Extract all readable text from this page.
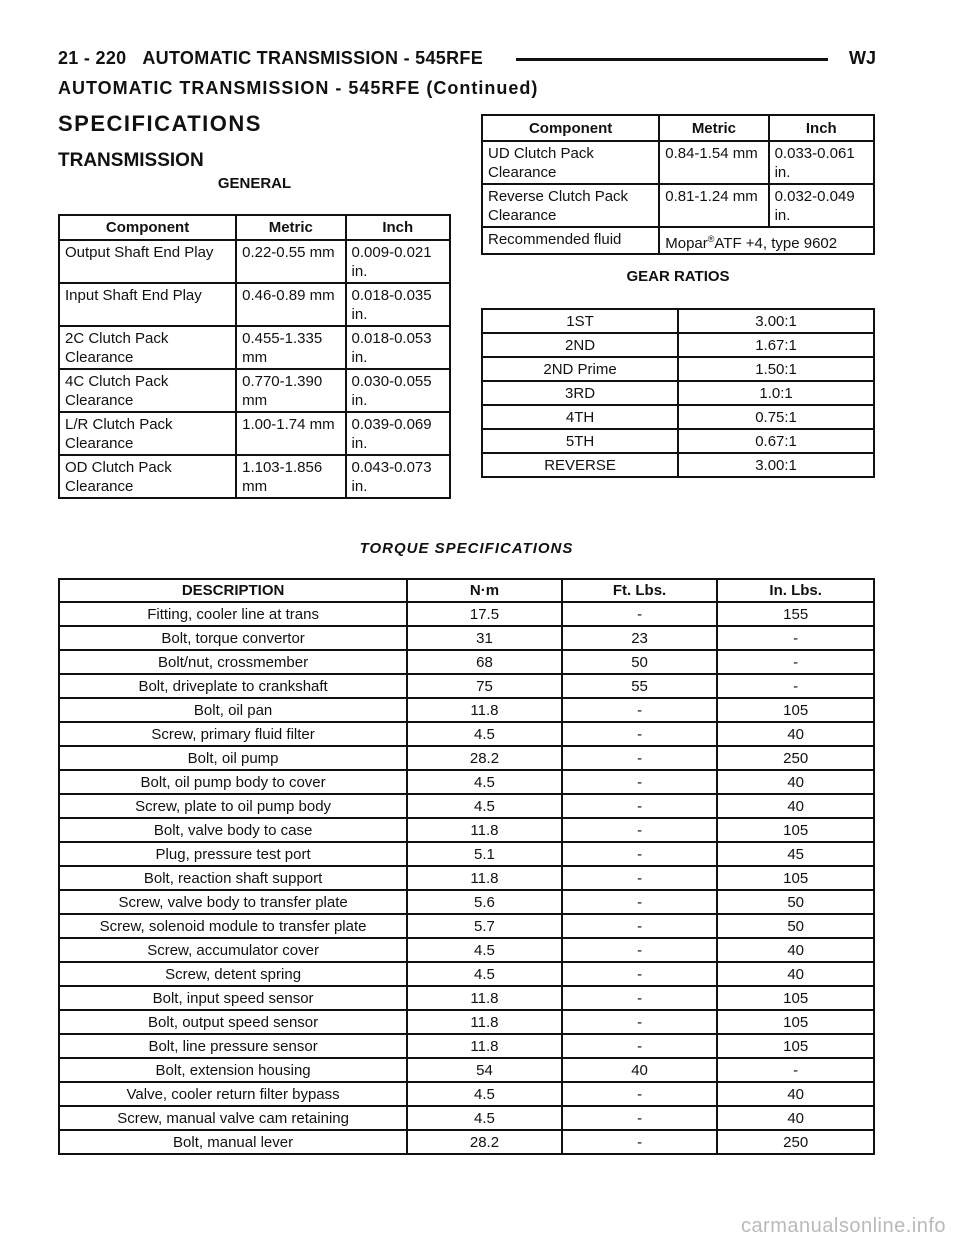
21 - 220 AUTOMATIC TRANSMISSION - 545RFE	WJ
AUTOMATIC TRANSMISSION - 545RFE (Continued)
SPECIFICATIONS
TRANSMISSION
GENERAL
Component	Metric	Inch
Output Shaft End Play	0.22-0.55 mm	0.009-0.021 in.
Input Shaft End Play	0.46-0.89 mm	0.018-0.035 in.
2C Clutch Pack Clearance	0.455-1.335 mm	0.018-0.053 in.
4C Clutch Pack Clearance	0.770-1.390 mm	0.030-0.055 in.
L/R Clutch Pack Clearance	1.00-1.74 mm	0.039-0.069 in.
OD Clutch Pack Clearance	1.103-1.856 mm	0.043-0.073 in.
Component	Metric	Inch
UD Clutch Pack Clearance	0.84-1.54 mm	0.033-0.061 in.
Reverse Clutch Pack Clearance	0.81-1.24 mm	0.032-0.049 in.
Recommended fluid	Mopar®ATF +4, type 9602	
GEAR RATIOS
1ST	3.00:1
2ND	1.67:1
2ND Prime	1.50:1
3RD	1.0:1
4TH	0.75:1
5TH	0.67:1
REVERSE	3.00:1
TORQUE SPECIFICATIONS
DESCRIPTION	N·m	Ft. Lbs.	In. Lbs.
Fitting, cooler line at trans	17.5	-	155
Bolt, torque convertor	31	23	-
Bolt/nut, crossmember	68	50	-
Bolt, driveplate to crankshaft	75	55	-
Bolt, oil pan	11.8	-	105
Screw, primary fluid filter	4.5	-	40
Bolt, oil pump	28.2	-	250
Bolt, oil pump body to cover	4.5	-	40
Screw, plate to oil pump body	4.5	-	40
Bolt, valve body to case	11.8	-	105
Plug, pressure test port	5.1	-	45
Bolt, reaction shaft support	11.8	-	105
Screw, valve body to transfer plate	5.6	-	50
Screw, solenoid module to transfer plate	5.7	-	50
Screw, accumulator cover	4.5	-	40
Screw, detent spring	4.5	-	40
Bolt, input speed sensor	11.8	-	105
Bolt, output speed sensor	11.8	-	105
Bolt, line pressure sensor	11.8	-	105
Bolt, extension housing	54	40	-
Valve, cooler return filter bypass	4.5	-	40
Screw, manual valve cam retaining	4.5	-	40
Bolt, manual lever	28.2	-	250
carmanualsonline.info
